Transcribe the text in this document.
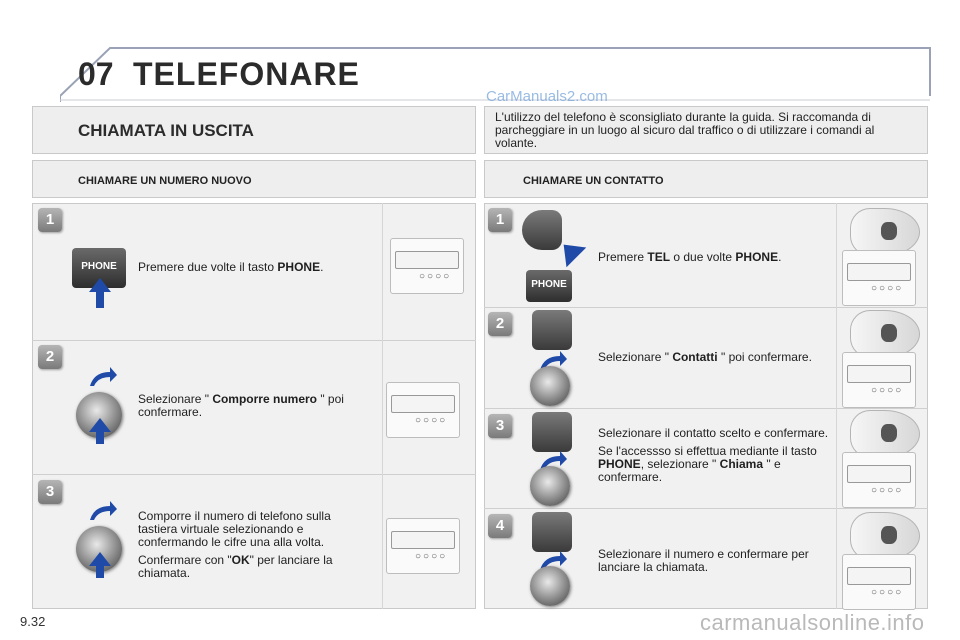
07 TELEFONARE
CarManuals2.com
CHIAMATA IN USCITA
L'utilizzo del telefono è sconsigliato durante la guida. Si raccomanda di parcheggiare in un luogo al sicuro dal traffico o di utilizzare i comandi al volante.
CHIAMARE UN NUMERO NUOVO	CHIAMARE UN CONTATTO
1
PHONE	Premere due volte il tasto PHONE.
○○○○
2
Selezionare " Comporre numero " poi confermare.
○○○○
3

Comporre il numero di telefono sulla tastiera virtuale selezionando e confermando le cifre una alla volta.

Confermare con "OK" per lanciare la chiamata.

○○○○
1
PHONE
Premere TEL o due volte PHONE.
○○○○
2
Selezionare " Contatti " poi confermare.
○○○○
3	Selezionare il contatto scelto e confermare.

Se l'accessso si effettua mediante il tasto PHONE, selezionare " Chiama " e confermare.

○○○○
4
Selezionare il numero e confermare per lanciare la chiamata.
○○○○
9.32	carmanualsonline.info
